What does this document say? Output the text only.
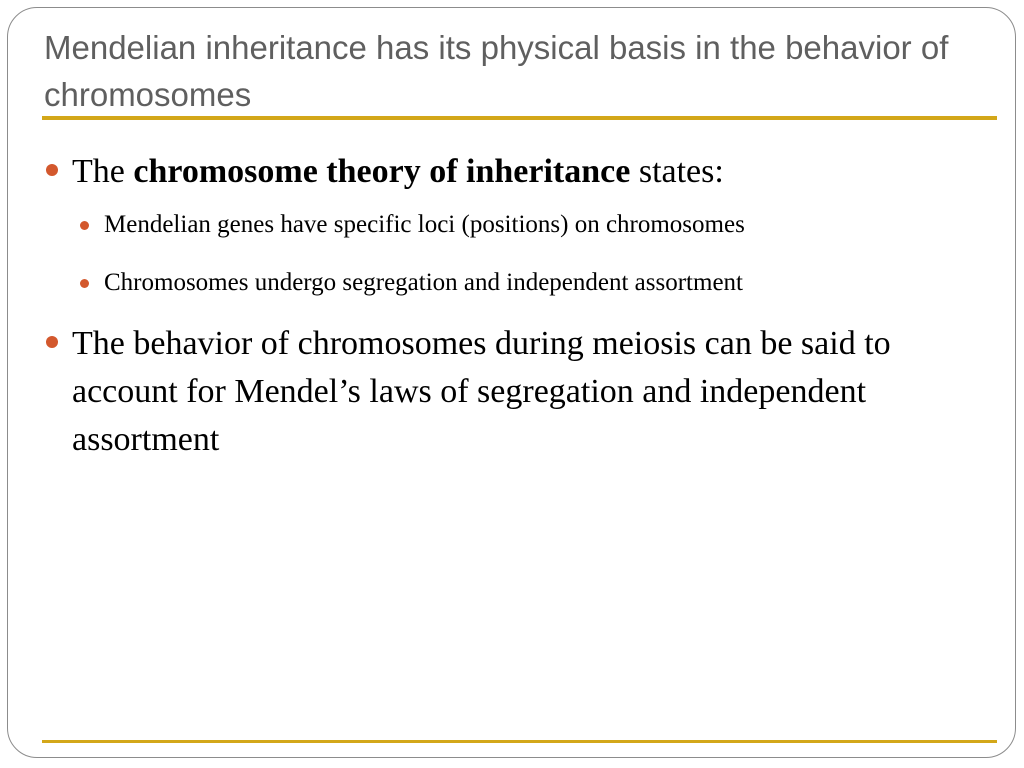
Mendelian inheritance has its physical basis in the behavior of chromosomes
The chromosome theory of inheritance states:
Mendelian genes have specific loci (positions) on chromosomes
Chromosomes undergo segregation and independent assortment
The behavior of chromosomes during meiosis can be said to account for Mendel’s laws of segregation and independent assortment
